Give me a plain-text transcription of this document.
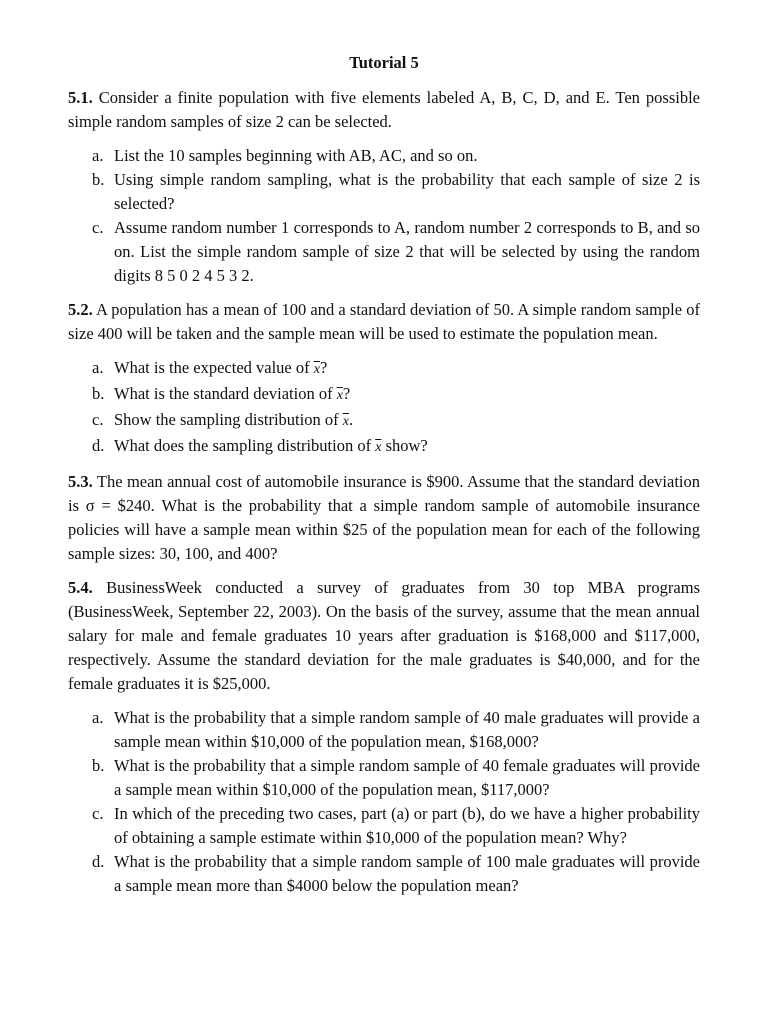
Tutorial 5
5.1. Consider a finite population with five elements labeled A, B, C, D, and E. Ten possible simple random samples of size 2 can be selected.
a. List the 10 samples beginning with AB, AC, and so on.
b. Using simple random sampling, what is the probability that each sample of size 2 is selected?
c. Assume random number 1 corresponds to A, random number 2 corresponds to B, and so on. List the simple random sample of size 2 that will be selected by using the random digits 8 5 0 2 4 5 3 2.
5.2. A population has a mean of 100 and a standard deviation of 50. A simple random sample of size 400 will be taken and the sample mean will be used to estimate the population mean.
a. What is the expected value of $\overline{x}$?
b. What is the standard deviation of $\overline{x}$?
c. Show the sampling distribution of $\overline{x}$.
d. What does the sampling distribution of $\overline{x}$ show?
5.3. The mean annual cost of automobile insurance is $900. Assume that the standard deviation is σ = $240. What is the probability that a simple random sample of automobile insurance policies will have a sample mean within $25 of the population mean for each of the following sample sizes: 30, 100, and 400?
5.4. BusinessWeek conducted a survey of graduates from 30 top MBA programs (BusinessWeek, September 22, 2003). On the basis of the survey, assume that the mean annual salary for male and female graduates 10 years after graduation is $168,000 and $117,000, respectively. Assume the standard deviation for the male graduates is $40,000, and for the female graduates it is $25,000.
a. What is the probability that a simple random sample of 40 male graduates will provide a sample mean within $10,000 of the population mean, $168,000?
b. What is the probability that a simple random sample of 40 female graduates will provide a sample mean within $10,000 of the population mean, $117,000?
c. In which of the preceding two cases, part (a) or part (b), do we have a higher probability of obtaining a sample estimate within $10,000 of the population mean? Why?
d. What is the probability that a simple random sample of 100 male graduates will provide a sample mean more than $4000 below the population mean?
